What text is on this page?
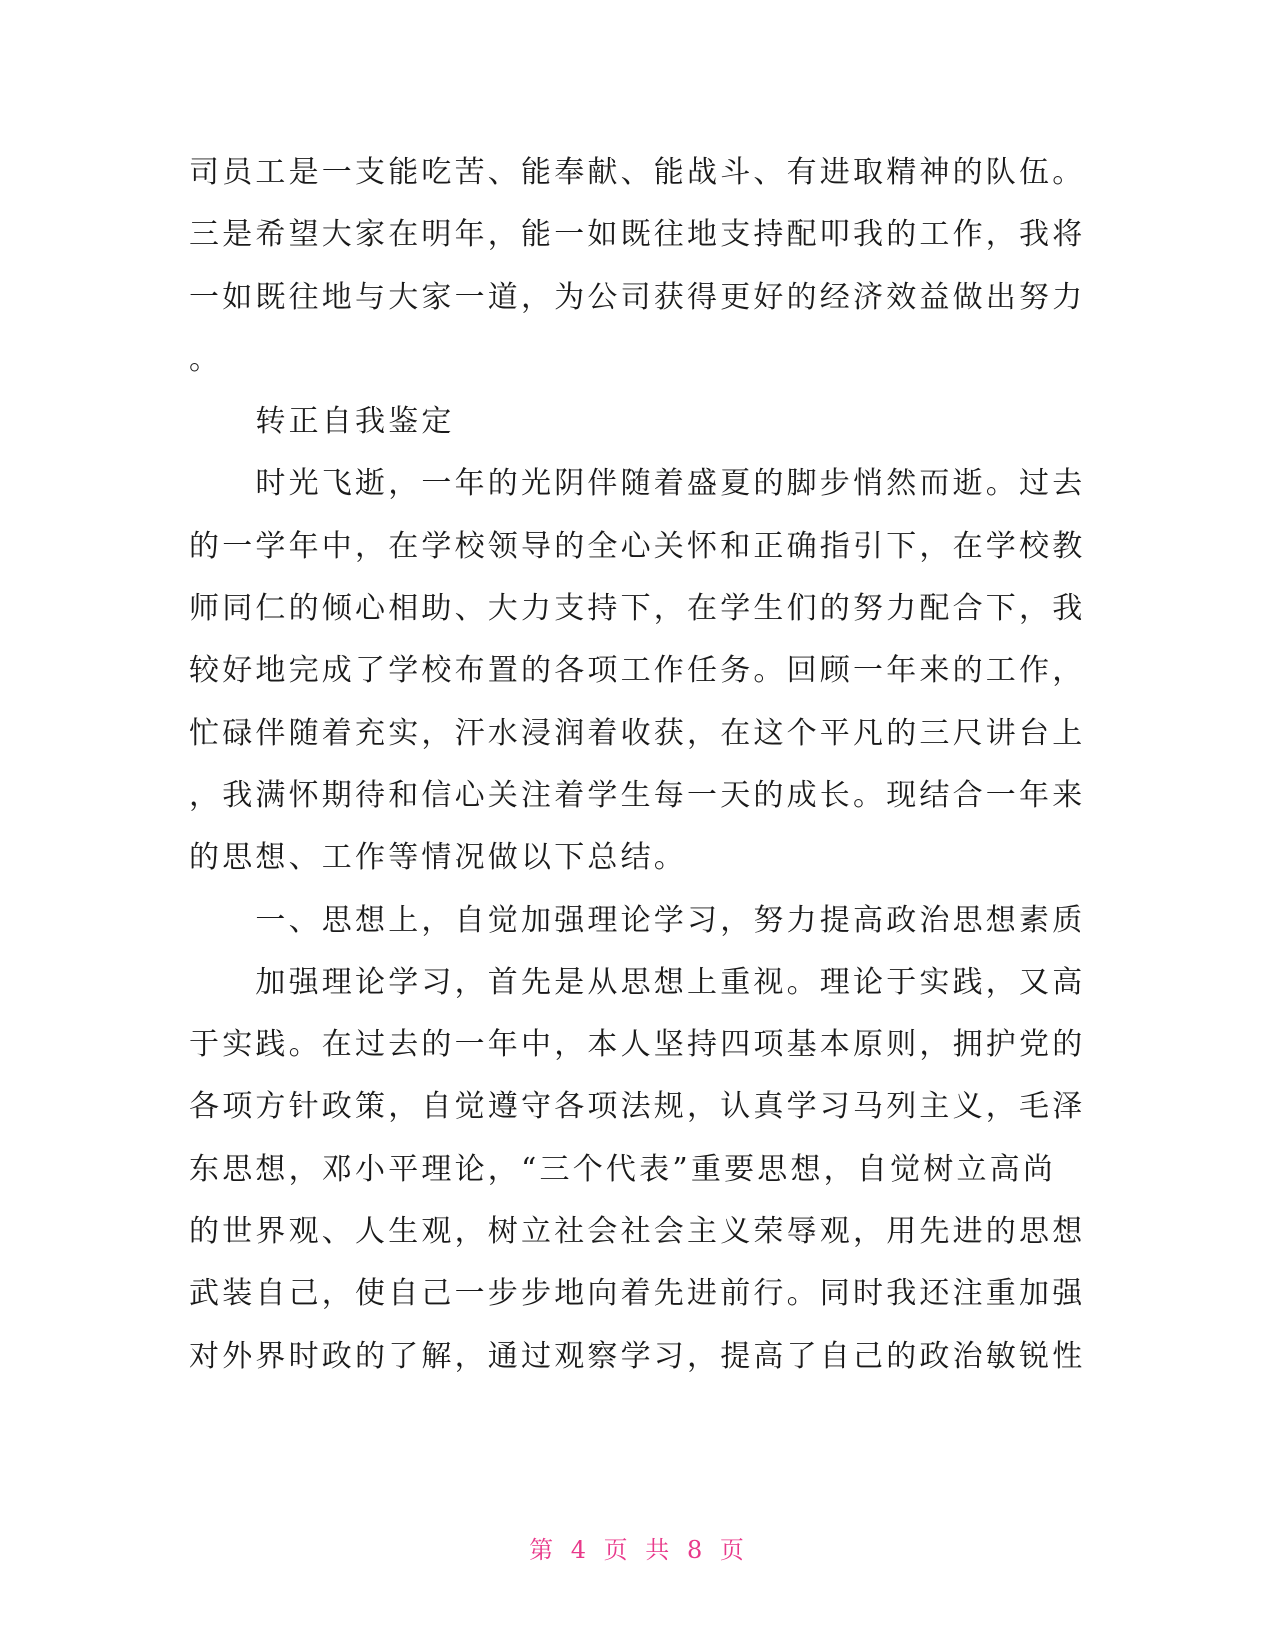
司员工是一支能吃苦、能奉献、能战斗、有进取精神的队伍。
三是希望大家在明年，能一如既往地支持配叩我的工作，我将
一如既往地与大家一道，为公司获得更好的经济效益做出努力
。
　　转正自我鉴定
　　时光飞逝，一年的光阴伴随着盛夏的脚步悄然而逝。过去
的一学年中，在学校领导的全心关怀和正确指引下，在学校教
师同仁的倾心相助、大力支持下，在学生们的努力配合下，我
较好地完成了学校布置的各项工作任务。回顾一年来的工作，
忙碌伴随着充实，汗水浸润着收获，在这个平凡的三尺讲台上
，我满怀期待和信心关注着学生每一天的成长。现结合一年来
的思想、工作等情况做以下总结。
　　一、思想上，自觉加强理论学习，努力提高政治思想素质
　　加强理论学习，首先是从思想上重视。理论于实践，又高
于实践。在过去的一年中，本人坚持四项基本原则，拥护党的
各项方针政策，自觉遵守各项法规，认真学习马列主义，毛泽
东思想，邓小平理论，“三个代表”重要思想，自觉树立高尚
的世界观、人生观，树立社会社会主义荣辱观，用先进的思想
武装自己，使自己一步步地向着先进前行。同时我还注重加强
对外界时政的了解，通过观察学习，提高了自己的政治敏锐性
第 4 页 共 8 页
